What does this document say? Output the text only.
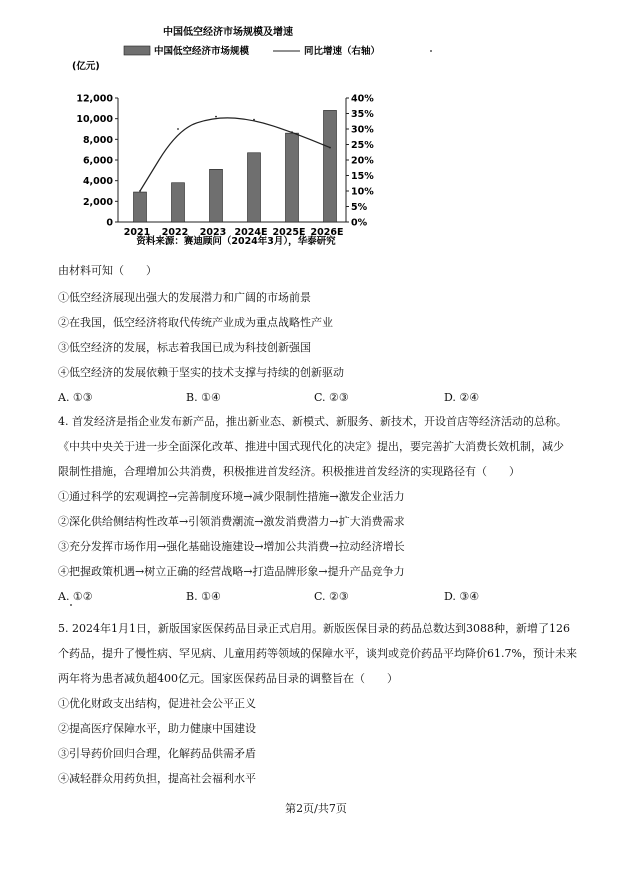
中国低空经济市场规模及增速
中国低空经济市场规模	同比增速（右轴）
(亿元)
12,000
10,000
8,000
6,000
4,000
2,000
0
40%
35%
30%
25%
20%
15%
10%
5%
0%
2021 2022 2023 2024E 2025E 2026E
资料来源：赛迪顾问（2024年3月），华泰研究
由材料可知（　　）
①低空经济展现出强大的发展潜力和广阔的市场前景
②在我国，低空经济将取代传统产业成为重点战略性产业
③低空经济的发展，标志着我国已成为科技创新强国
④低空经济的发展依赖于坚实的技术支撑与持续的创新驱动
A. ①③	B. ①④	C. ②③	D. ②④
4. 首发经济是指企业发布新产品，推出新业态、新模式、新服务、新技术，开设首店等经济活动的总称。
《中共中央关于进一步全面深化改革、推进中国式现代化的决定》提出，要完善扩大消费长效机制，减少
限制性措施，合理增加公共消费，积极推进首发经济。积极推进首发经济的实现路径有（　　）
①通过科学的宏观调控→完善制度环境→减少限制性措施→激发企业活力
②深化供给侧结构性改革→引领消费潮流→激发消费潜力→扩大消费需求
③充分发挥市场作用→强化基础设施建设→增加公共消费→拉动经济增长
④把握政策机遇→树立正确的经营战略→打造品牌形象→提升产品竞争力
A. ①②	B. ①④	C. ②③	D. ③④
5. 2024年1月1日，新版国家医保药品目录正式启用。新版医保目录的药品总数达到3088种，新增了126
个药品，提升了慢性病、罕见病、儿童用药等领域的保障水平，谈判或竞价药品平均降价61.7%，预计未来
两年将为患者减负超400亿元。国家医保药品目录的调整旨在（　　）
①优化财政支出结构，促进社会公平正义
②提高医疗保障水平，助力健康中国建设
③引导药价回归合理，化解药品供需矛盾
④减轻群众用药负担，提高社会福利水平
第2页/共7页
